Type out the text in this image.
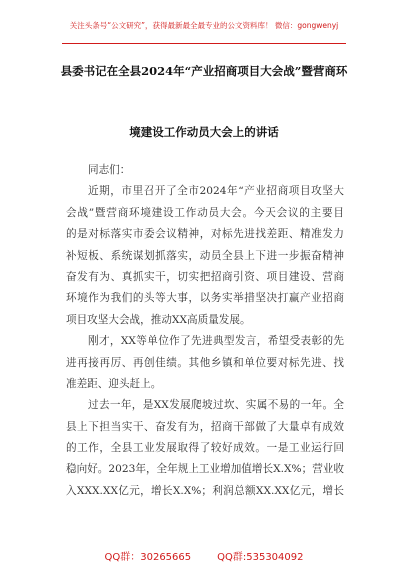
关注头条号“公文研究”，获得最新最全最专业的公文资料库！ 微信：gongwenyj
县委书记在全县2024年“产业招商项目大会战”暨营商环
境建设工作动员大会上的讲话
同志们：
近期，市里召开了全市2024年“产业招商项目攻坚大
会战”暨营商环境建设工作动员大会。今天会议的主要目
的是对标落实市委会议精神，对标先进找差距、精准发力
补短板、系统谋划抓落实，动员全县上下进一步振奋精神
奋发有为、真抓实干，切实把招商引资、项目建设、营商
环境作为我们的头等大事，以务实举措坚决打赢产业招商
项目攻坚大会战，推动XX高质量发展。
刚才，XX等单位作了先进典型发言，希望受表彰的先
进再接再厉、再创佳绩。其他乡镇和单位要对标先进、找
准差距、迎头赶上。
过去一年，是XX发展爬坡过坎、实属不易的一年。全
县上下担当实干、奋发有为，招商干部做了大量卓有成效
的工作，全县工业发展取得了较好成效。一是工业运行回
稳向好。2023年，全年规上工业增加值增长X.X%；营业收
入XXX.XX亿元，增长X.X%；利润总额XX.XX亿元，增长
QQ群：30265665	QQ群:535304092
